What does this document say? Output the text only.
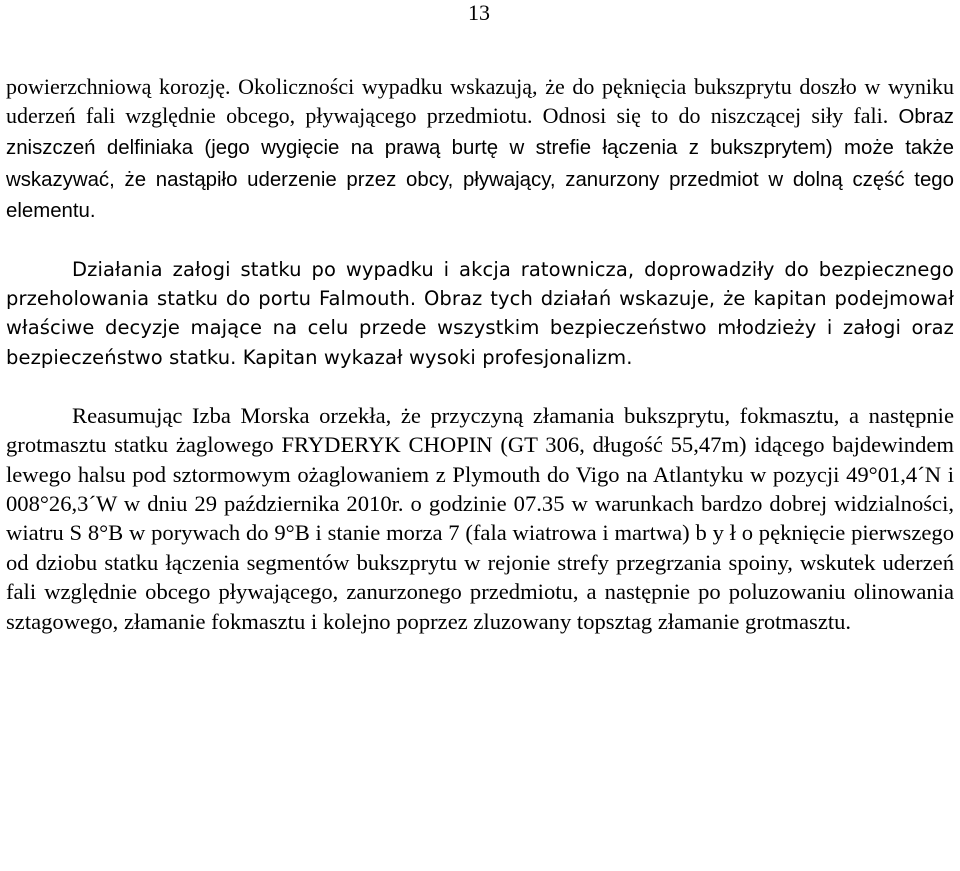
13

powierzchniową korozję. Okoliczności wypadku wskazują, że do pęknięcia bukszprytu doszło w wyniku uderzeń fali względnie obcego, pływającego przedmiotu. Odnosi się to do niszczącej siły fali. Obraz zniszczeń delfiniaka (jego wygięcie na prawą burtę w strefie łączenia z bukszprytem) może także wskazywać, że nastąpiło uderzenie przez obcy, pływający, zanurzony przedmiot w dolną część tego elementu.

Działania załogi statku po wypadku i akcja ratownicza, doprowadziły do bezpiecznego przeholowania statku do portu Falmouth. Obraz tych działań wskazuje, że kapitan podejmował właściwe decyzje mające na celu przede wszystkim bezpieczeństwo młodzieży i załogi oraz bezpieczeństwo statku. Kapitan wykazał wysoki profesjonalizm.

Reasumując Izba Morska orzekła, że przyczyną złamania bukszprytu, fokmasztu, a następnie grotmasztu statku żaglowego FRYDERYK CHOPIN (GT 306, długość 55,47m) idącego bajdewindem lewego halsu pod sztormowym ożaglowaniem z Plymouth do Vigo na Atlantyku w pozycji 49°01,4´N i 008°26,3´W w dniu 29 października 2010r. o godzinie 07.35 w warunkach bardzo dobrej widzialności, wiatru S 8°B w porywach do 9°B i stanie morza 7 (fala wiatrowa i martwa) b y ł o pęknięcie pierwszego od dziobu statku łączenia segmentów bukszprytu w rejonie strefy przegrzania spoiny, wskutek uderzeń fali względnie obcego pływającego, zanurzonego przedmiotu, a następnie po poluzowaniu olinowania sztagowego, złamanie fokmasztu i kolejno poprzez zluzowany topsztag złamanie grotmasztu.
